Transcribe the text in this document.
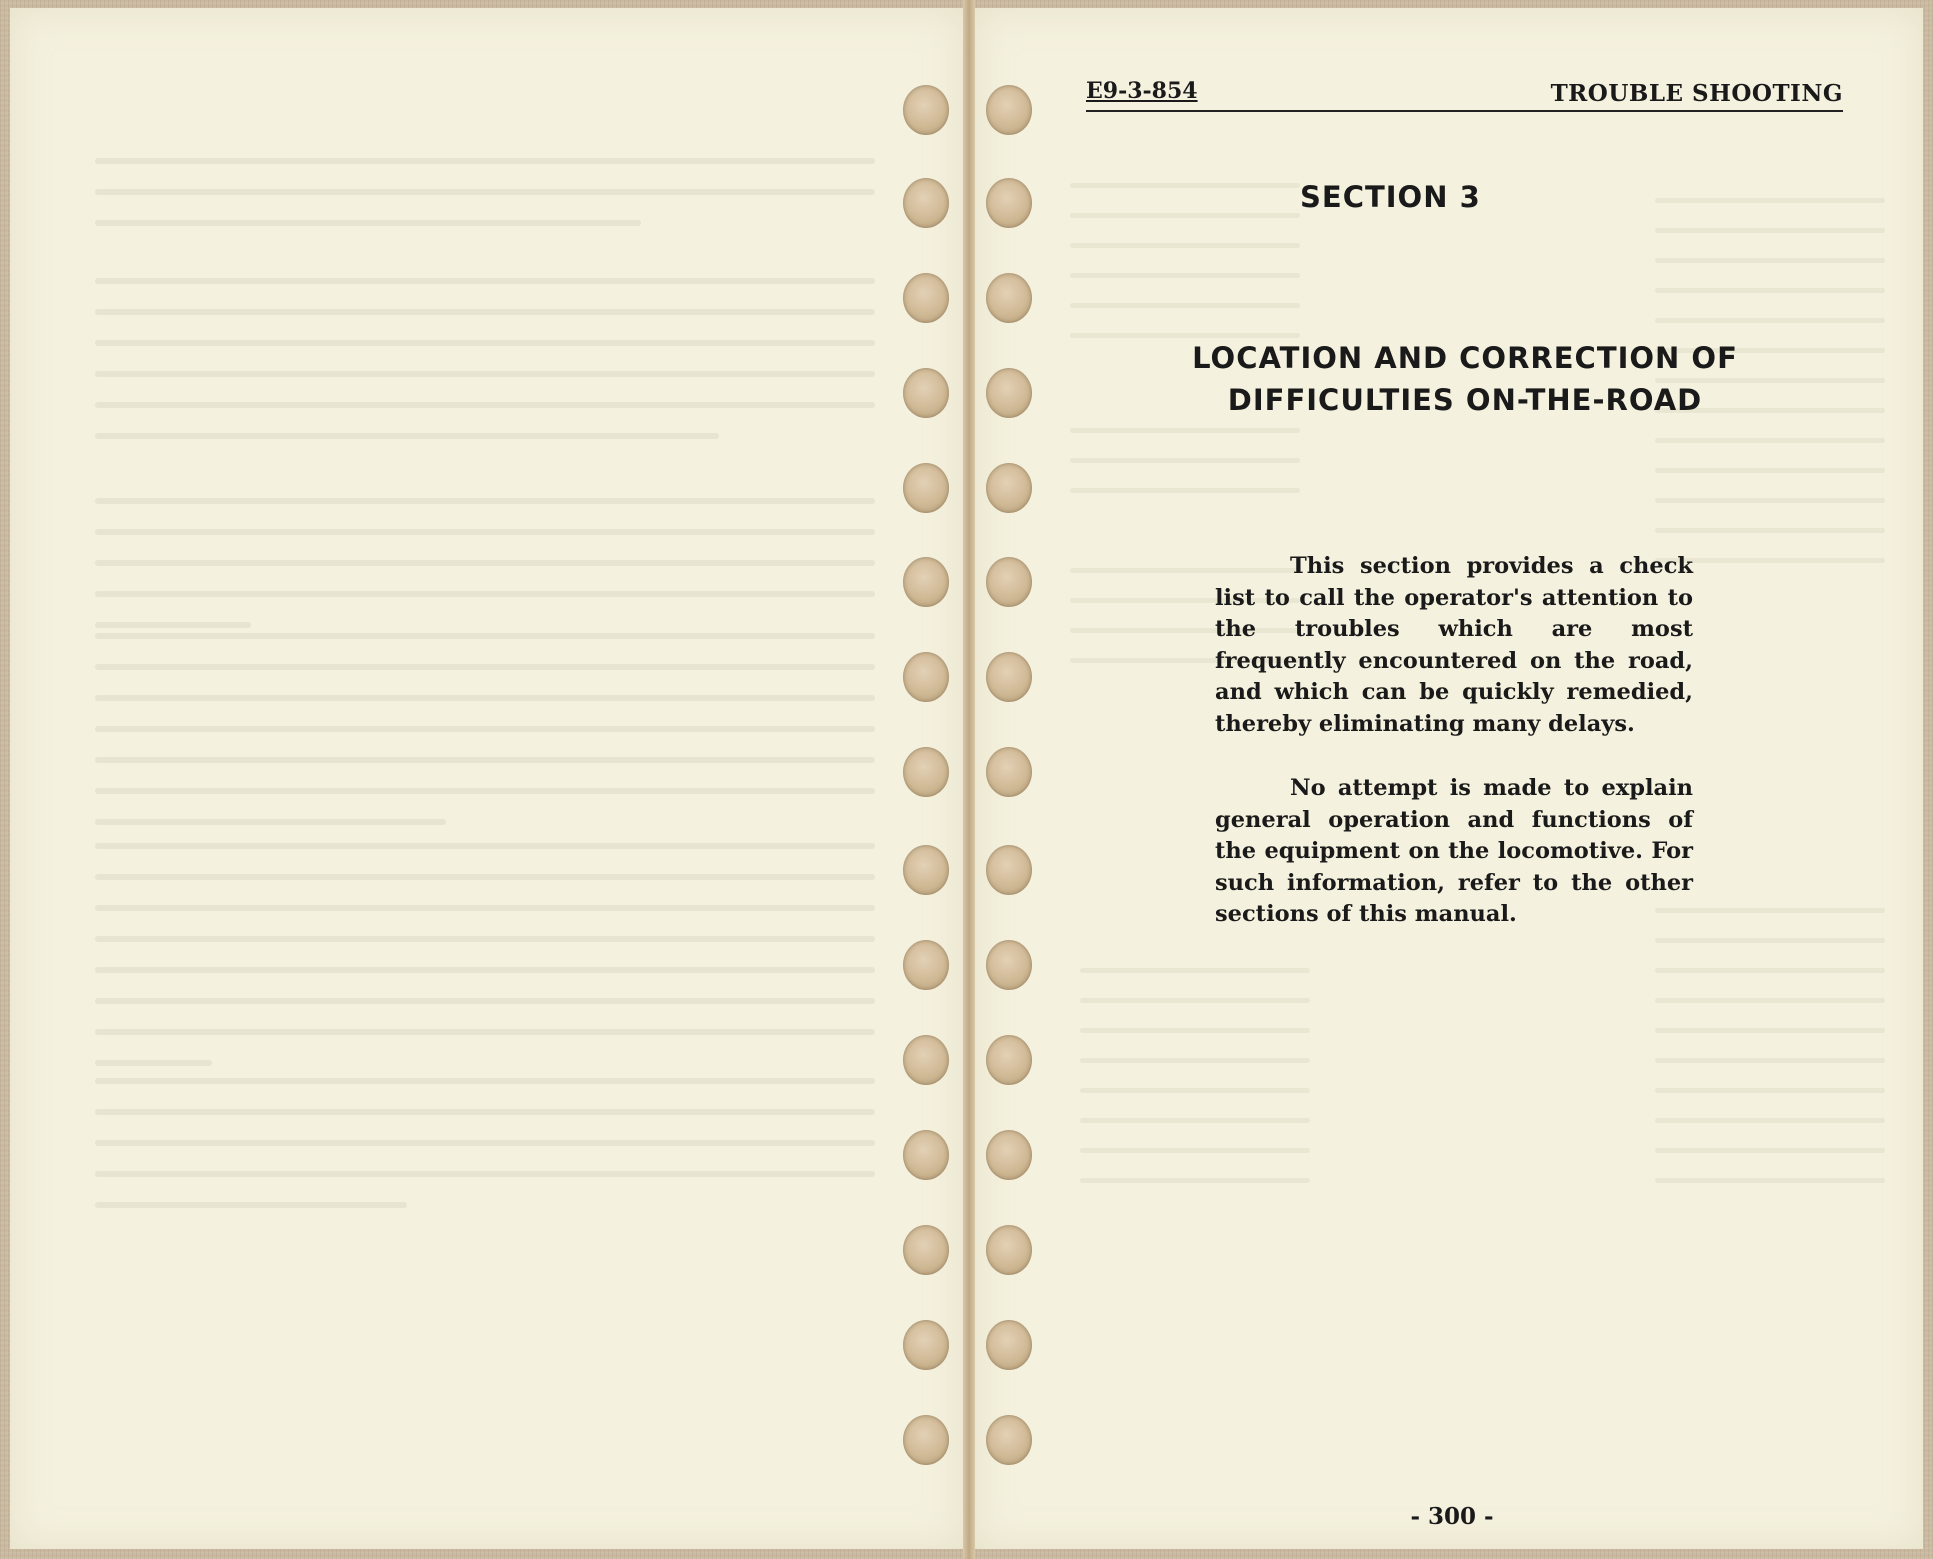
E9-3-854	TROUBLE SHOOTING
SECTION 3
LOCATION AND CORRECTION OF
DIFFICULTIES ON-THE-ROAD
This section provides a check list to call the operator's attention to the troubles which are most frequently encountered on the road, and which can be quickly remedied, thereby eliminating many delays.
No attempt is made to explain general operation and functions of the equipment on the locomotive. For such information, refer to the other sections of this manual.
- 300 -
